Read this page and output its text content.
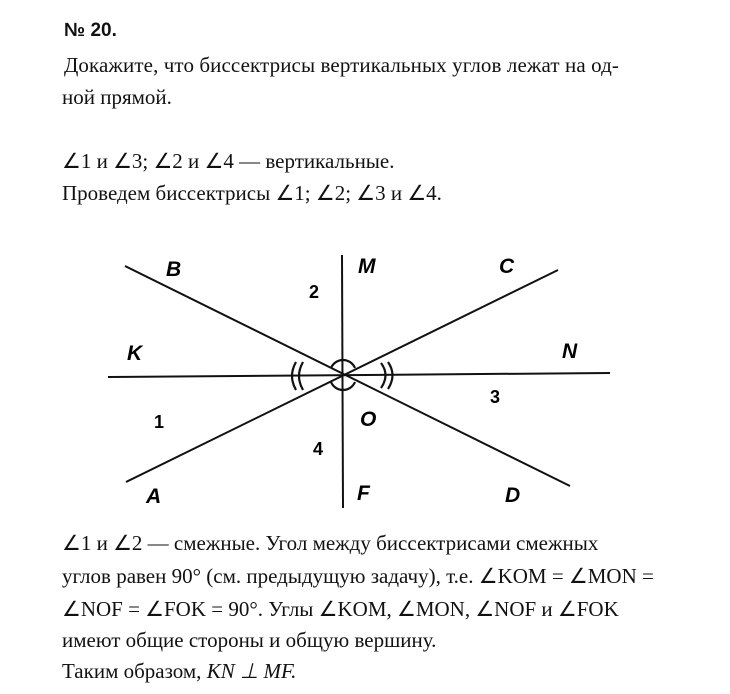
№ 20.
Докажите, что биссектрисы вертикальных углов лежат на од-
ной прямой.
∠1 и ∠3; ∠2 и ∠4 — вертикальные.
Проведем биссектрисы ∠1; ∠2; ∠3 и ∠4.
B	M	C
K	N
O
A	F	D
1
2
3
4
∠1 и ∠2 — смежные. Угол между биссектрисами смежных
углов равен 90° (см. предыдущую задачу), т.е. ∠KOM = ∠MON =
∠NOF = ∠FOK = 90°. Углы ∠KOM, ∠MON, ∠NOF и ∠FOK
имеют общие стороны и общую вершину.
Таким образом, KN ⊥ MF.
